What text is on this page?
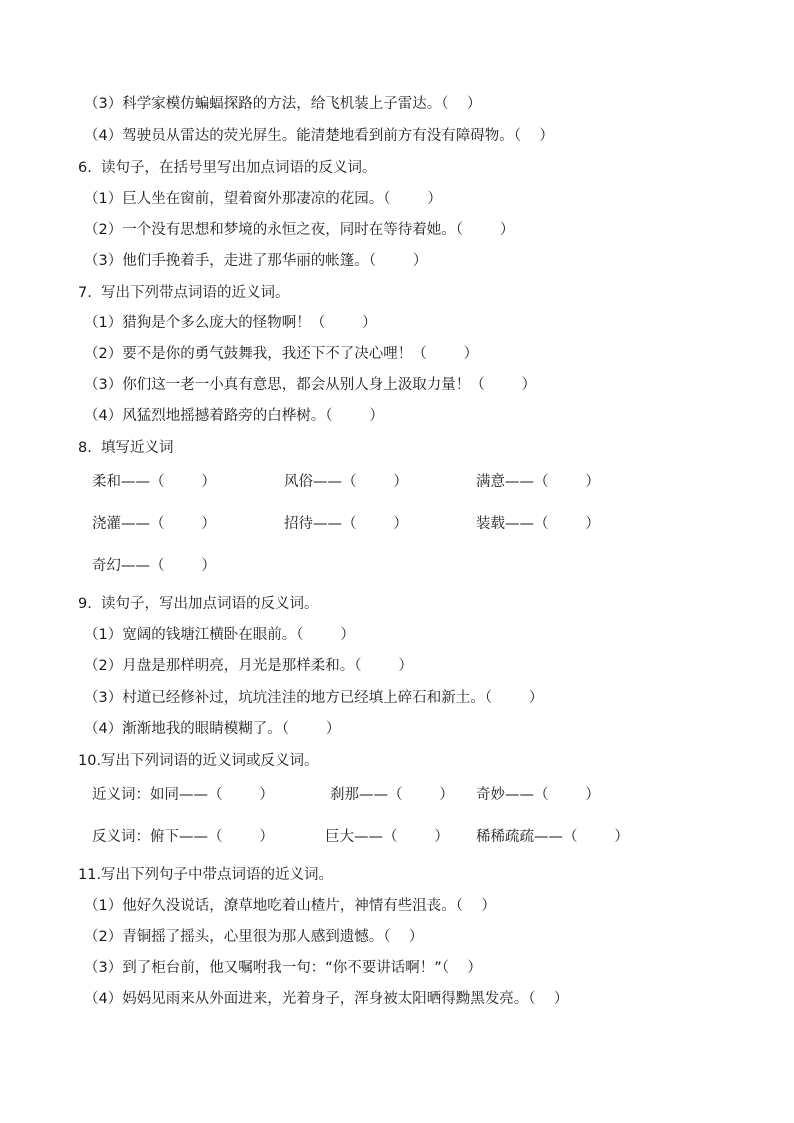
（3）科学家模仿蝙蝠探路的方法，给飞机装上子雷达。（    ）
（4）驾驶员从雷达的荧光屏生。能清楚地看到前方有没有障碍物。（    ）
6.  读句子，在括号里写出加点词语的反义词。
（1）巨人坐在窗前，望着窗外那凄凉的花园。（        ）
（2）一个没有思想和梦境的永恒之夜，同时在等待着她。（        ）
（3）他们手挽着手，走进了那华丽的帐篷。（        ）
7.  写出下列带点词语的近义词。
（1）猎狗是个多么庞大的怪物啊！（        ）
（2）要不是你的勇气鼓舞我，我还下不了决心哩！（        ）
（3）你们这一老一小真有意思，都会从别人身上汲取力量！（        ）
（4）风猛烈地摇撼着路旁的白桦树。（        ）
8.  填写近义词
柔和——（        ）	风俗——（        ）	满意——（        ）
浇灌——（        ）	招待——（        ）	装载——（        ）
奇幻——（        ）
9.  读句子，写出加点词语的反义词。
（1）宽阔的钱塘江横卧在眼前。（        ）
（2）月盘是那样明亮，月光是那样柔和。（        ）
（3）村道已经修补过，坑坑洼洼的地方已经填上碎石和新土。（        ）
（4）渐渐地我的眼睛模糊了。（        ）
10.写出下列词语的近义词或反义词。
近义词：如同——（        ）	刹那——（        ） 奇妙——（        ）
反义词：俯下——（        ）	巨大——（        ） 稀稀疏疏——（        ）
11.写出下列句子中带点词语的近义词。
（1）他好久没说话，潦草地吃着山楂片，神情有些沮丧。（    ）
（2）青铜摇了摇头，心里很为那人感到遗憾。（    ）
（3）到了柜台前，他又嘱咐我一句：“你不要讲话啊！”（    ）
（4）妈妈见雨来从外面进来，光着身子，浑身被太阳晒得黝黑发亮。（    ）
